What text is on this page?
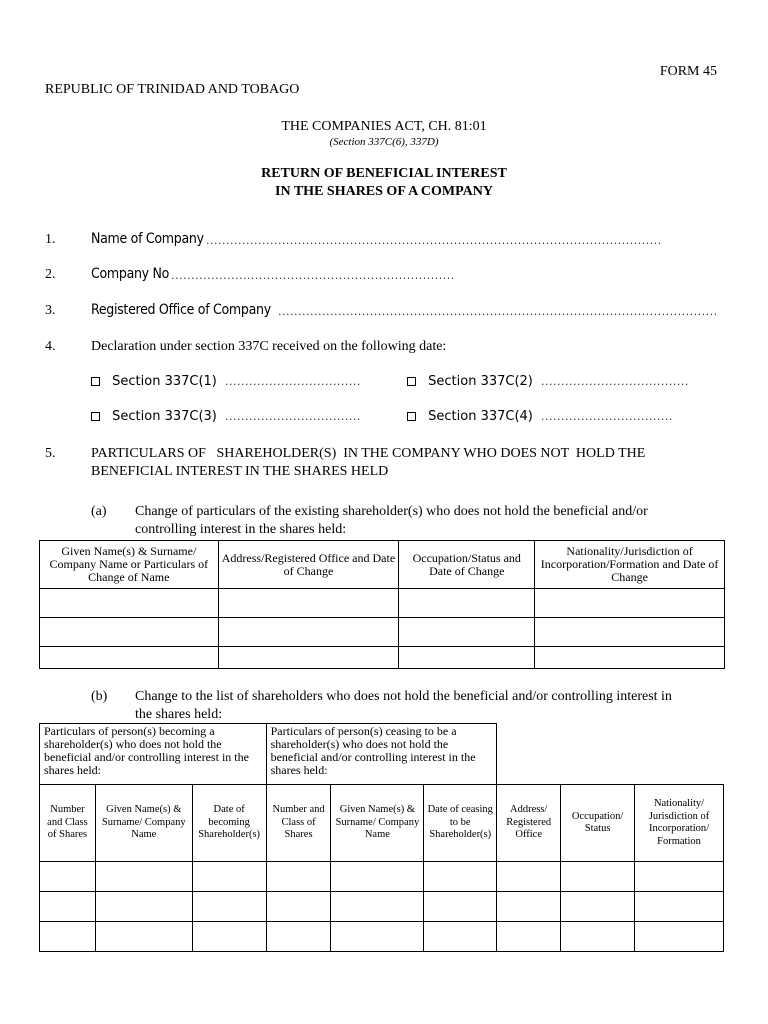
FORM 45
REPUBLIC OF TRINIDAD AND TOBAGO
THE COMPANIES ACT, CH. 81:01
(Section 337C(6), 337D)
RETURN OF BENEFICIAL INTEREST
IN THE SHARES OF A COMPANY
1.	Name of Company ..................................................................................................................
2.	Company No .......................................................................
3.	Registered Office of Company ..............................................................................................................
4.	Declaration under section 337C received on the following date:
Section 337C(1) ..................................	Section 337C(2) .....................................
Section 337C(3) ..................................	Section 337C(4) .................................
5.	PARTICULARS OF   SHAREHOLDER(S)  IN THE COMPANY WHO DOES NOT  HOLD THE
BENEFICIAL INTEREST IN THE SHARES HELD
(a) Change of particulars of the existing shareholder(s) who does not hold the beneficial and/or
controlling interest in the shares held:
Given Name(s) & Surname/ Company Name or Particulars of Change of Name	Address/Registered Office and Date of Change	Occupation/Status and Date of Change	Nationality/Jurisdiction of Incorporation/Formation and Date of Change

(b) Change to the list of shareholders who does not hold the beneficial and/or controlling interest in
the shares held:
Particulars of person(s) becoming a shareholder(s) who does not hold the beneficial and/or controlling interest in the shares held:			Particulars of person(s) ceasing to be a shareholder(s) who does not hold the beneficial and/or controlling interest in the shares held:					
Number and Class of Shares	Given Name(s) & Surname/ Company Name	Date of becoming Shareholder(s)	Number and Class of Shares	Given Name(s) & Surname/ Company Name	Date of ceasing to be Shareholder(s)	Address/ Registered Office	Occupation/ Status	Nationality/ Jurisdiction of Incorporation/ Formation
